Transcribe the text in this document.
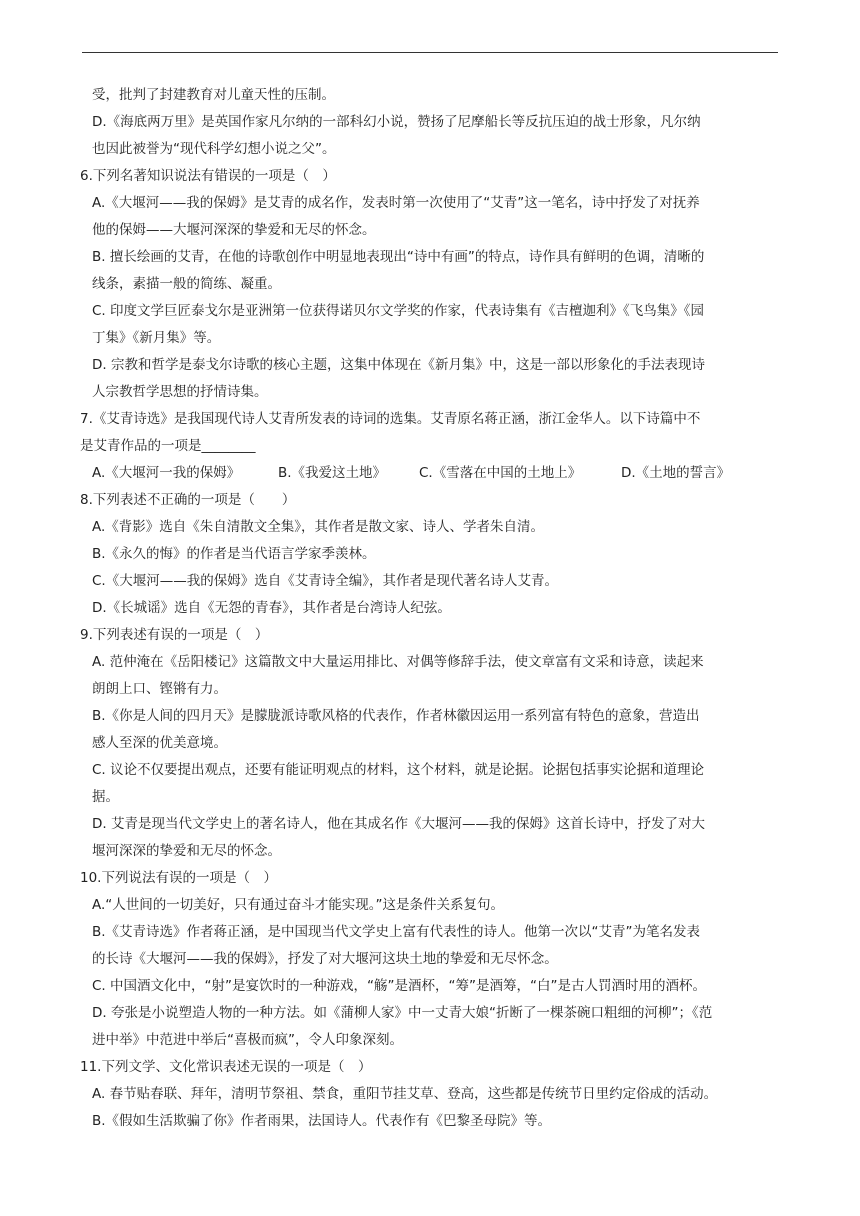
受，批判了封建教育对儿童天性的压制。
D.《海底两万里》是英国作家凡尔纳的一部科幻小说，赞扬了尼摩船长等反抗压迫的战士形象，凡尔纳
也因此被誉为“现代科学幻想小说之父”。
6.下列名著知识说法有错误的一项是（　）
A.《大堰河——我的保姆》是艾青的成名作，发表时第一次使用了“艾青”这一笔名，诗中抒发了对抚养
他的保姆——大堰河深深的挚爱和无尽的怀念。
B. 擅长绘画的艾青，在他的诗歌创作中明显地表现出“诗中有画”的特点，诗作具有鲜明的色调，清晰的
线条，素描一般的简练、凝重。
C. 印度文学巨匠泰戈尔是亚洲第一位获得诺贝尔文学奖的作家，代表诗集有《吉檀迦利》《飞鸟集》《园
丁集》《新月集》等。
D. 宗教和哲学是泰戈尔诗歌的核心主题，这集中体现在《新月集》中，这是一部以形象化的手法表现诗
人宗教哲学思想的抒情诗集。
7.《艾青诗选》是我国现代诗人艾青所发表的诗词的选集。艾青原名蒋正涵，浙江金华人。以下诗篇中不
是艾青作品的一项是________
A.《大堰河一我的保姆》	B.《我爱这土地》	C.《雪落在中国的土地上》	D.《土地的誓言》
8.下列表述不正确的一项是（　　）
A.《背影》选自《朱自清散文全集》，其作者是散文家、诗人、学者朱自清。
B.《永久的悔》的作者是当代语言学家季羡林。
C.《大堰河——我的保姆》选自《艾青诗全编》，其作者是现代著名诗人艾青。
D.《长城谣》选自《无怨的青春》，其作者是台湾诗人纪弦。
9.下列表述有误的一项是（　）
A. 范仲淹在《岳阳楼记》这篇散文中大量运用排比、对偶等修辞手法，使文章富有文采和诗意，读起来
朗朗上口、铿锵有力。
B.《你是人间的四月天》是朦胧派诗歌风格的代表作，作者林徽因运用一系列富有特色的意象，营造出
感人至深的优美意境。
C. 议论不仅要提出观点，还要有能证明观点的材料，这个材料，就是论据。论据包括事实论据和道理论
据。
D. 艾青是现当代文学史上的著名诗人，他在其成名作《大堰河——我的保姆》这首长诗中，抒发了对大
堰河深深的挚爱和无尽的怀念。
10.下列说法有误的一项是（　）
A.“人世间的一切美好，只有通过奋斗才能实现。”这是条件关系复句。
B.《艾青诗选》作者蒋正涵，是中国现当代文学史上富有代表性的诗人。他第一次以“艾青”为笔名发表
的长诗《大堰河——我的保姆》，抒发了对大堰河这块土地的挚爱和无尽怀念。
C. 中国酒文化中，“射”是宴饮时的一种游戏，“觞”是酒杯，“筹”是酒筹，“白”是古人罚酒时用的酒杯。
D. 夸张是小说塑造人物的一种方法。如《蒲柳人家》中一丈青大娘“折断了一棵茶碗口粗细的河柳”；《范
进中举》中范进中举后“喜极而疯”，令人印象深刻。
11.下列文学、文化常识表述无误的一项是（　）
A. 春节贴春联、拜年，清明节祭祖、禁食，重阳节挂艾草、登高，这些都是传统节日里约定俗成的活动。
B.《假如生活欺骗了你》作者雨果，法国诗人。代表作有《巴黎圣母院》等。
